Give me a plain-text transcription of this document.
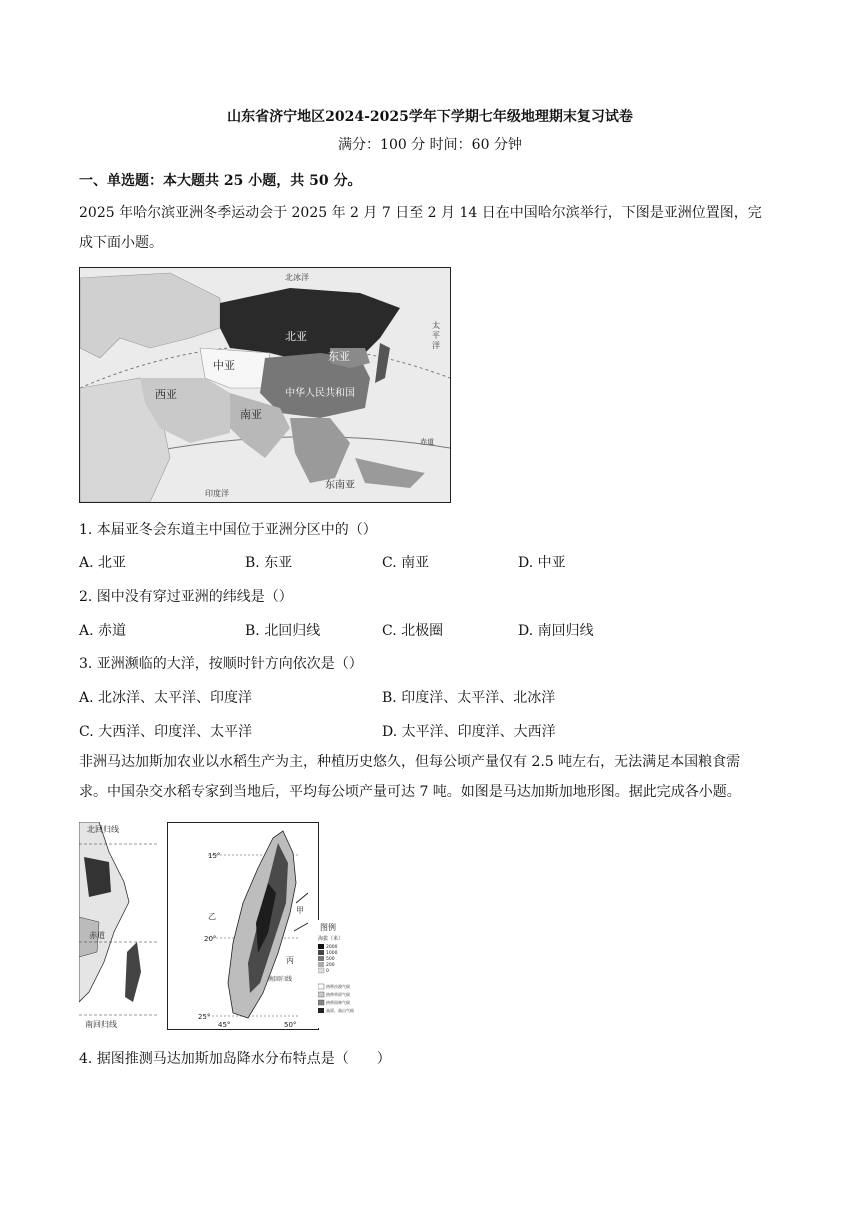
山东省济宁地区2024-2025学年下学期七年级地理期末复习试卷
满分：100 分 时间：60 分钟
一、单选题：本大题共 25 小题，共 50 分。
2025 年哈尔滨亚洲冬季运动会于 2025 年 2 月 7 日至 2 月 14 日在中国哈尔滨举行，下图是亚洲位置图，完
成下面小题。
北冰洋
北亚
东亚
中亚
西亚
南亚
中华人民共和国
东南亚
太
平
洋
印度洋
赤道
1. 本届亚冬会东道主中国位于亚洲分区中的（）
A. 北亚	B. 东亚	C. 南亚	D. 中亚
2. 图中没有穿过亚洲的纬线是（）
A. 赤道	B. 北回归线	C. 北极圈	D. 南回归线
3. 亚洲濒临的大洋，按顺时针方向依次是（）
A. 北冰洋、太平洋、印度洋	B. 印度洋、太平洋、北冰洋
C. 大西洋、印度洋、太平洋	D. 太平洋、印度洋、大西洋
非洲马达加斯加农业以水稻生产为主，种植历史悠久，但每公顷产量仅有 2.5 吨左右，无法满足本国粮食需
求。中国杂交水稻专家到当地后，平均每公顷产量可达 7 吨。如图是马达加斯加地形图。据此完成各小题。
北回归线
赤道
南回归线
15°
20°
25°
45°	50°
乙
甲
丙
南回归线
图例
海拔（米）
2000
1000
500
200
0
热带沙漠气候
热带草原气候
热带雨林气候
高原、高山气候
4. 据图推测马达加斯加岛降水分布特点是（　　）
